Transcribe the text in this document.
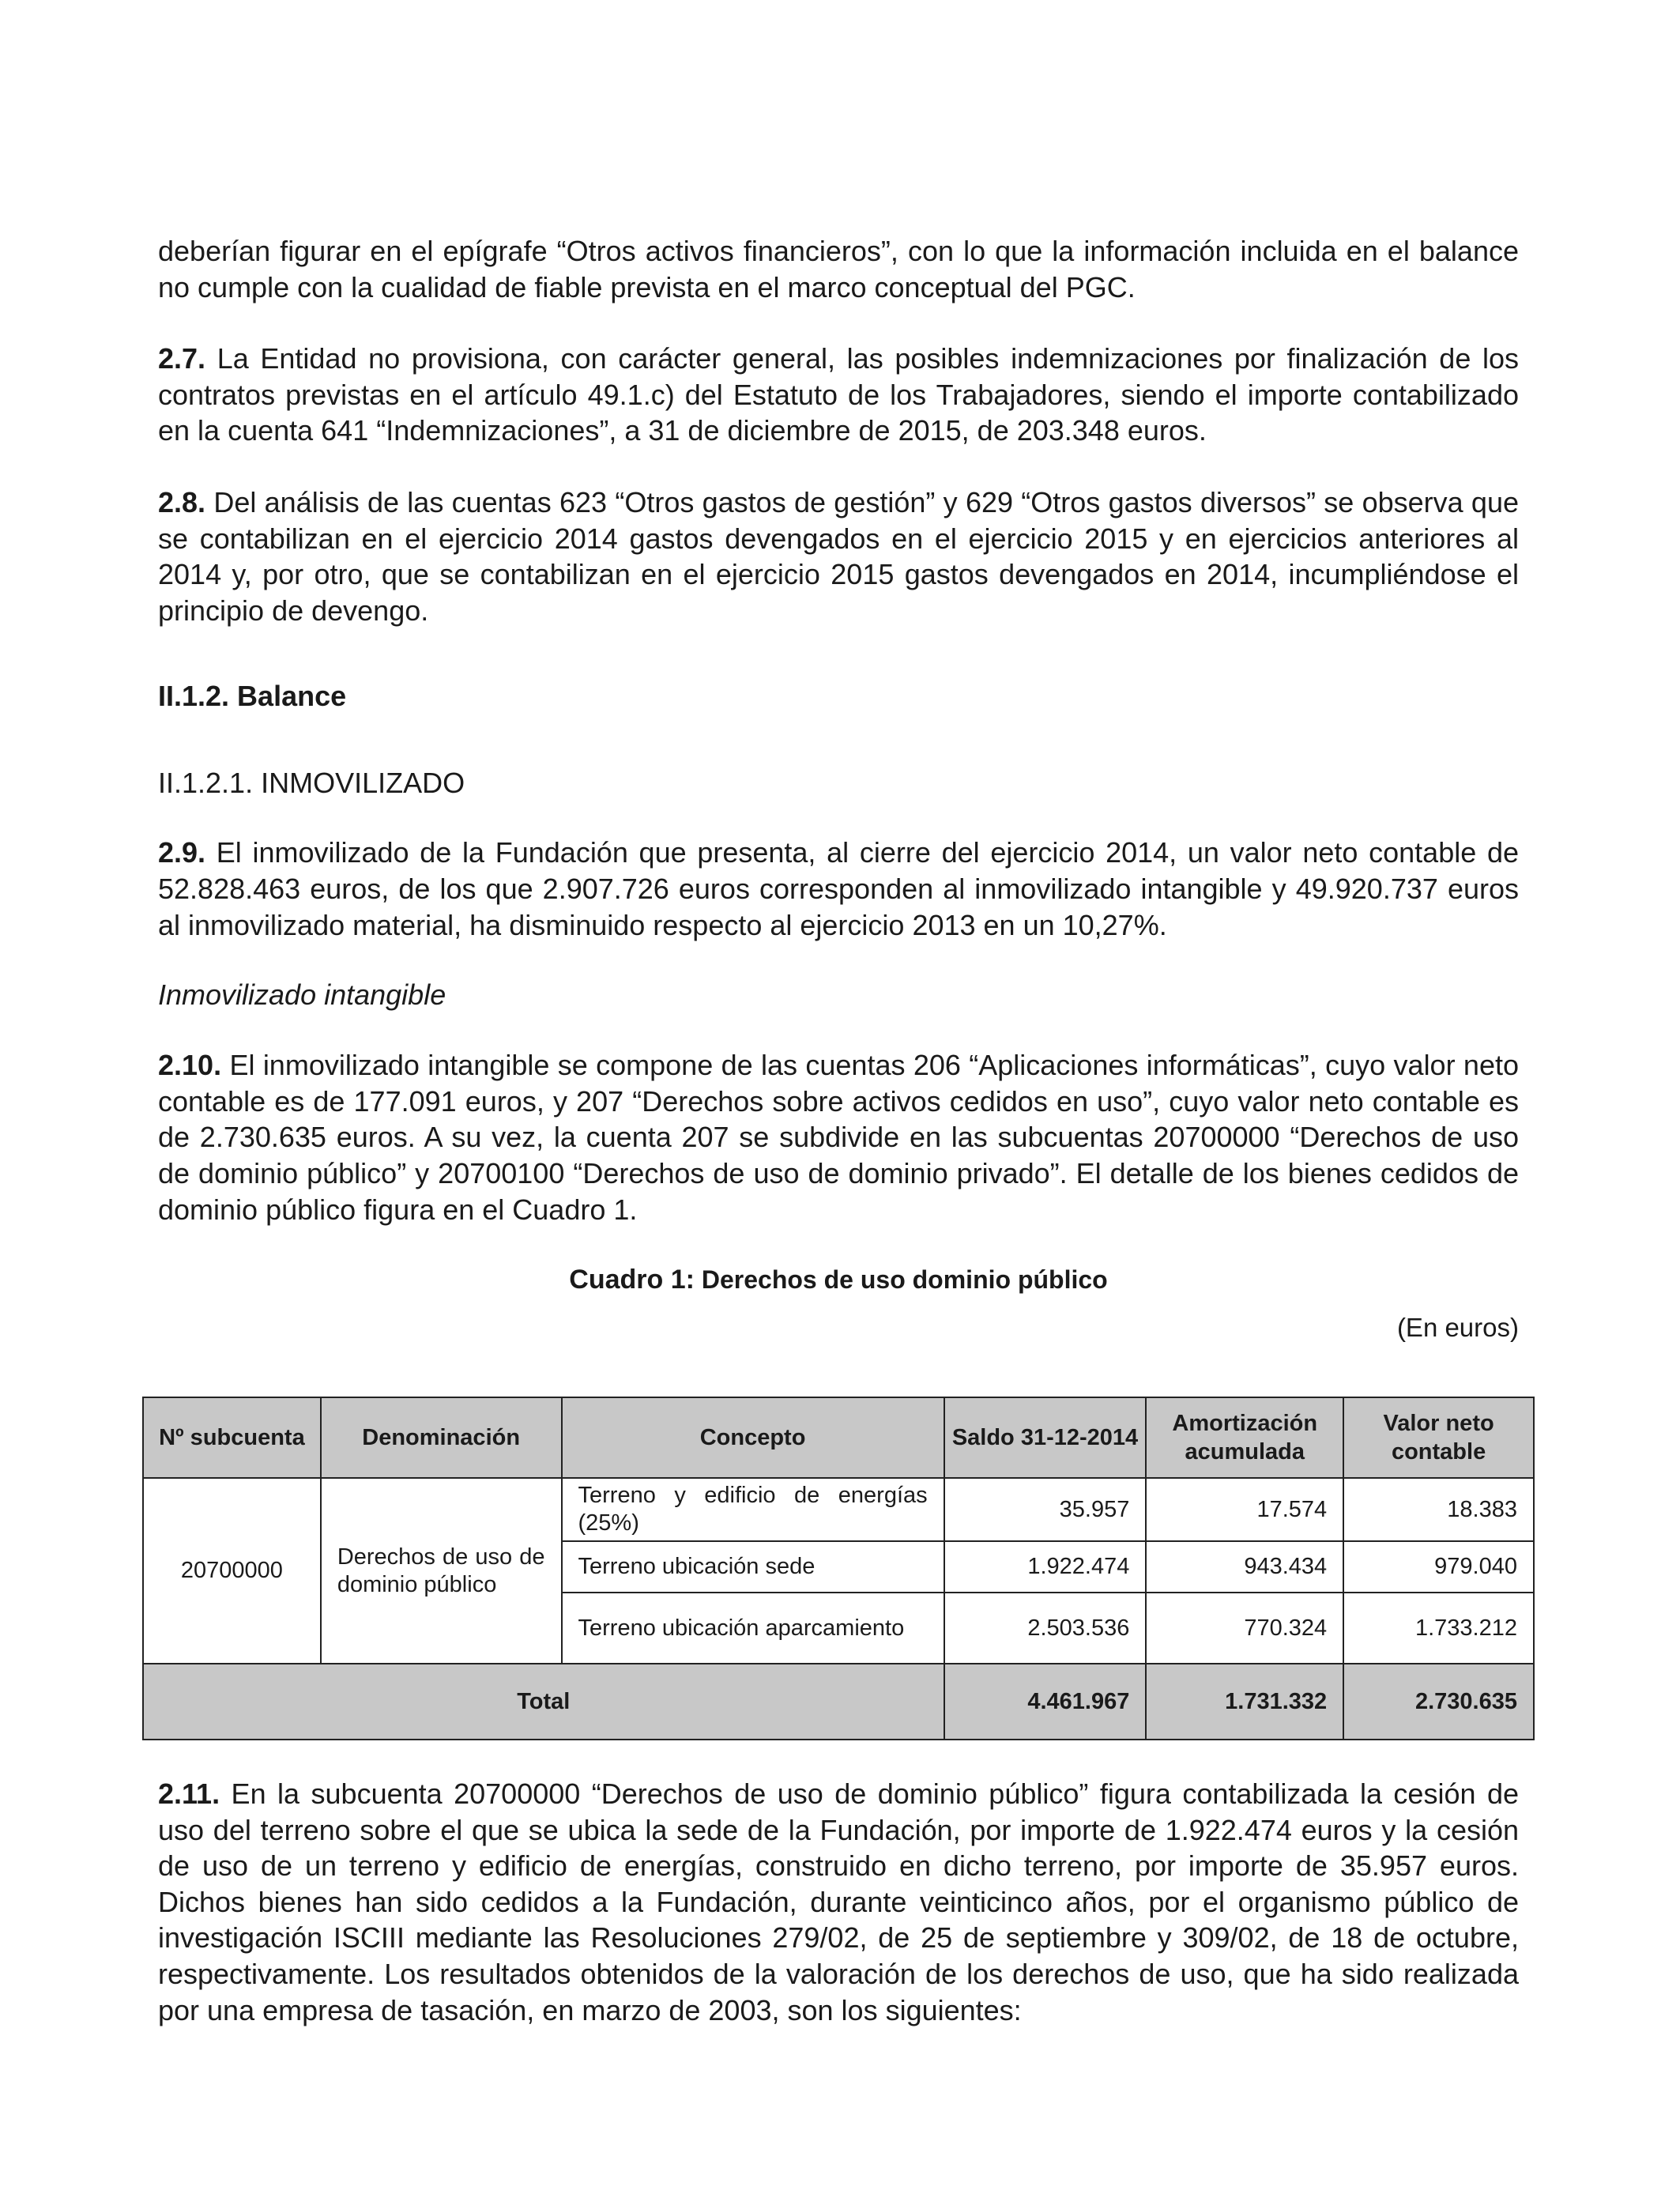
deberían figurar en el epígrafe “Otros activos financieros”, con lo que la información incluida en el balance no cumple con la cualidad de fiable prevista en el marco conceptual del PGC.

2.7. La Entidad no provisiona, con carácter general, las posibles indemnizaciones por finalización de los contratos previstas en el artículo 49.1.c) del Estatuto de los Trabajadores, siendo el importe contabilizado en la cuenta 641 “Indemnizaciones”, a 31 de diciembre de 2015, de 203.348 euros.

2.8. Del análisis de las cuentas 623 “Otros gastos de gestión” y 629 “Otros gastos diversos” se observa que se contabilizan en el ejercicio 2014 gastos devengados en el ejercicio 2015 y en ejercicios anteriores al 2014 y, por otro, que se contabilizan en el ejercicio 2015 gastos devengados en 2014, incumpliéndose el principio de devengo.

II.1.2. Balance

II.1.2.1. INMOVILIZADO

2.9. El inmovilizado de la Fundación que presenta, al cierre del ejercicio 2014, un valor neto contable de 52.828.463 euros, de los que 2.907.726 euros corresponden al inmovilizado intangible y 49.920.737 euros al inmovilizado material, ha disminuido respecto al ejercicio 2013 en un 10,27%.

Inmovilizado intangible

2.10. El inmovilizado intangible se compone de las cuentas 206 “Aplicaciones informáticas”, cuyo valor neto contable es de 177.091 euros, y 207 “Derechos sobre activos cedidos en uso”, cuyo valor neto contable es de 2.730.635 euros. A su vez, la cuenta 207 se subdivide en las subcuentas 20700000 “Derechos de uso de dominio público” y 20700100 “Derechos de uso de dominio privado”. El detalle de los bienes cedidos de dominio público figura en el Cuadro 1.

Cuadro 1: Derechos de uso dominio público

(En euros)

Nº subcuenta	Denominación	Concepto	Saldo 31-12-2014	Amortización acumulada	Valor neto contable
20700000	Derechos de uso de dominio público	Terreno y edificio de energías (25%)	35.957	17.574	18.383
		Terreno ubicación sede	1.922.474	943.434	979.040
		Terreno ubicación aparcamiento	2.503.536	770.324	1.733.212
Total			4.461.967	1.731.332	2.730.635

2.11. En la subcuenta 20700000 “Derechos de uso de dominio público” figura contabilizada la cesión de uso del terreno sobre el que se ubica la sede de la Fundación, por importe de 1.922.474 euros y la cesión de uso de un terreno y edificio de energías, construido en dicho terreno, por importe de 35.957 euros. Dichos bienes han sido cedidos a la Fundación, durante veinticinco años, por el organismo público de investigación ISCIII mediante las Resoluciones 279/02, de 25 de septiembre y 309/02, de 18 de octubre, respectivamente. Los resultados obtenidos de la valoración de los derechos de uso, que ha sido realizada por una empresa de tasación, en marzo de 2003, son los siguientes:
